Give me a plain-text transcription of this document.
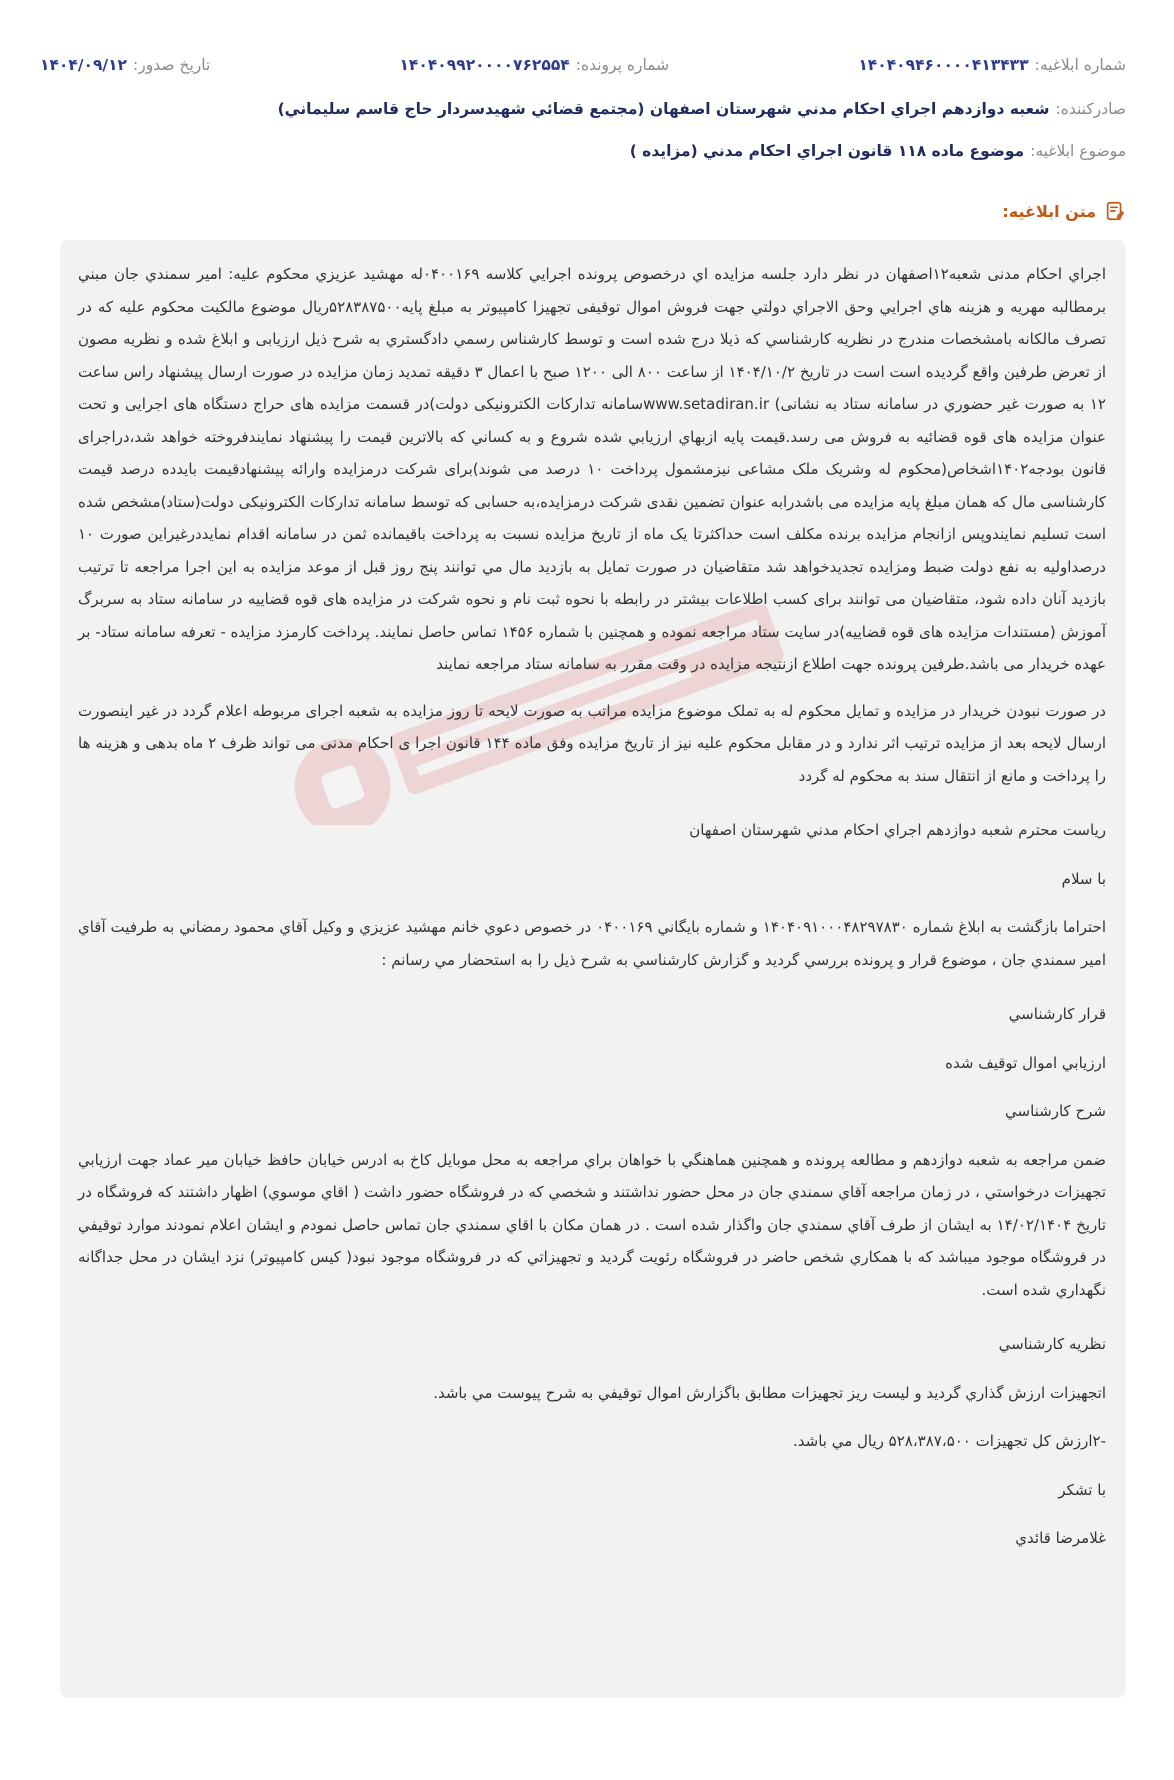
شماره ابلاغیه:
۱۴۰۴۰۹۴۶۰۰۰۰۴۱۳۴۳۳
شماره پرونده:
۱۴۰۴۰۹۹۲۰۰۰۰۷۶۲۵۵۴
تاریخ صدور:
۱۴۰۴/۰۹/۱۲
صادرکننده:
شعبه دوازدهم اجراي احكام مدني شهرستان اصفهان (مجتمع قضائي شهيدسردار حاج قاسم سليماني)
موضوع ابلاغیه:
موضوع ماده ۱۱۸ قانون اجراي احكام مدني (مزايده )
متن ابلاغیه:

اجراي احكام مدنی شعبه۱۲اصفهان در نظر دارد جلسه مزايده اي درخصوص پرونده اجرايي كلاسه ۰۴۰۰۱۶۹له مهشید عزیزي محكوم عليه: امير سمندي جان مبني برمطالبه مهريه و هزينه هاي اجرايي وحق الاجراي دولتي جهت فروش اموال توقيفی تجهيزا كامپيوتر به مبلغ پايه۵۲۸۳۸۷۵۰۰ريال موضوع مالكيت محكوم عليه كه در تصرف مالكانه بامشخصات مندرج در نظريه كارشناسي كه ذيلا درج شده است و توسط كارشناس رسمي دادگستري به شرح ذیل ارزیابی و ابلاغ شده و نظريه مصون از تعرض طرفين واقع گرديده است است در تاريخ ۱۴۰۴/۱۰/۲ از ساعت ۸۰۰ الی ۱۲۰۰ صبح با اعمال ۳ دقیقه تمدید زمان مزایده در صورت ارسال پیشنهاد راس ساعت ۱۲ به صورت غير حضوري در سامانه ستاد به نشانی) www.setadiran.irسامانه تدارکات الکترونیکی دولت)در قسمت مزایده های حراج دستگاه های اجرایی و تحت عنوان مزایده های قوه قضائیه به فروش می رسد.قيمت پايه ازبهاي ارزيابي شده شروع و به كساني كه بالاترين قيمت را پيشنهاد نمايندفروخته خواهد شد،دراجرای قانون بودجه۱۴۰۲اشخاص(محکوم له وشریک ملک مشاعی نیزمشمول پرداخت ۱۰ درصد می شوند)برای شرکت درمزایده وارائه پیشنهادقیمت بایدده درصد قیمت کارشناسی مال که همان مبلغ پایه مزایده می باشدرابه عنوان تضمین نقدی شرکت درمزایده،به حسابی که توسط سامانه تدارکات الکترونیکی دولت(ستاد)مشخص شده است تسليم نمايندوپس ازانجام مزايده برنده مكلف است حداكثرتا يک ماه از تاريخ مزايده نسبت به پرداخت باقيمانده ثمن در سامانه اقدام نمايددرغيراين صورت ۱۰ درصداوليه به نفع دولت ضبط ومزايده تجديدخواهد شد متقاضيان در صورت تمايل به بازديد مال مي توانند پنج روز قبل از موعد مزايده به اين اجرا مراجعه تا ترتيب بازديد آنان داده شود، متقاضیان می توانند برای کسب اطلاعات بیشتر در رابطه با نحوه ثبت نام و نحوه شرکت در مزایده های قوه قضاییه در سامانه ستاد به سربرگ آموزش (مستندات مزایده های قوه قضاییه)در سایت ستاد مراجعه نموده و همچنین با شماره ۱۴۵۶ تماس حاصل نمایند. پرداخت کارمزد مزایده - تعرفه سامانه ستاد- بر عهده خریدار می باشد.طرفین پرونده جهت اطلاع ازنتیجه مزایده در وقت مقرر به سامانه ستاد مراجعه نمایند

در صورت نبودن خریدار در مزایده و تمایل محکوم له به تملک موضوع مزایده مراتب به صورت لایحه تا روز مزایده به شعبه اجرای مربوطه اعلام گردد در غیر اینصورت ارسال لایحه بعد از مزایده ترتیب اثر ندارد و در مقابل محکوم علیه نیز از تاریخ مزایده وفق ماده ۱۴۴ قانون اجرا ی احکام مدنی می تواند ظرف ۲ ماه بدهی و هزینه ها را پرداخت و مانع از انتقال سند به محکوم له گردد

رياست محترم شعبه دوازدهم اجراي احكام مدني شهرستان اصفهان

با سلام

احتراما بازگشت به ابلاغ شماره ۱۴۰۴۰۹۱۰۰۰۴۸۲۹۷۸۳۰ و شماره بايگاني ۰۴۰۰۱۶۹ در خصوص دعوي خانم مهشيد عزيزي و وكيل آقاي محمود رمضاني به طرفيت آقاي امير سمندي جان ، موضوع قرار و پرونده بررسي گرديد و گزارش كارشناسي به شرح ذيل را به استحضار مي رسانم :

قرار كارشناسي

ارزيابي اموال توقيف شده

شرح كارشناسي

ضمن مراجعه به شعبه دوازدهم و مطالعه پرونده و همچنين هماهنگي با خواهان براي مراجعه به محل موبايل كاخ به ادرس خيابان حافظ خيابان مير عماد جهت ارزيابي تجهيزات درخواستي ، در زمان مراجعه آقاي سمندي جان در محل حضور نداشتند و شخصي كه در فروشگاه حضور داشت ( اقاي موسوي) اظهار داشتند كه فروشگاه در تاريخ ۱۴/۰۲/۱۴۰۴ به ايشان از طرف آقاي سمندي جان واگذار شده است . در همان مكان با اقاي سمندي جان تماس حاصل نمودم و ايشان اعلام نمودند موارد توقيفي در فروشگاه موجود ميباشد كه با همكاري شخص حاضر در فروشگاه رئويت گرديد و تجهيزاتي كه در فروشگاه موجود نبود( كيس كامپيوتر) نزد ايشان در محل جداگانه نگهداري شده است.

نظريه كارشناسي

اتجهيزات ارزش گذاري گرديد و ليست ريز تجهيزات مطابق باگزارش اموال توقيفي به شرح پيوست مي باشد.

-۲ارزش كل تجهيزات ۵۲۸،۳۸۷،۵۰۰ ريال مي باشد.

با تشكر

غلامرضا قائدي
